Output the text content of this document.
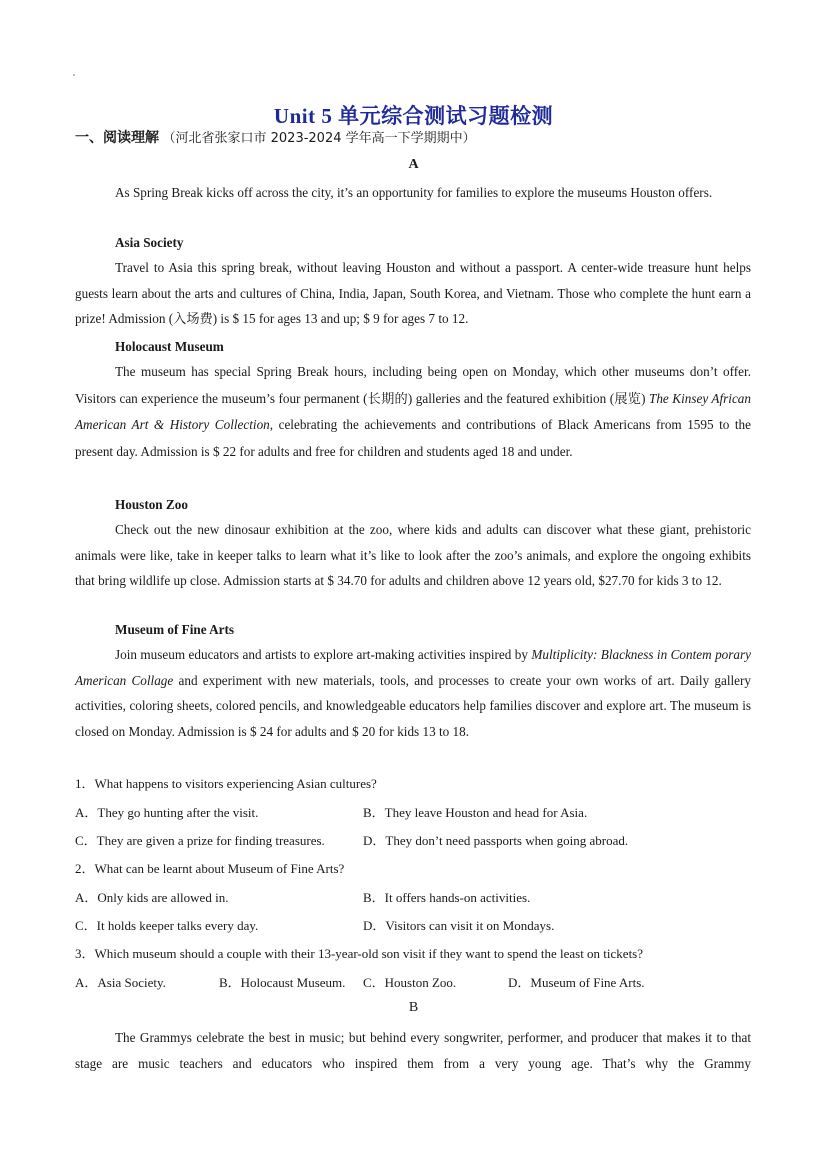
Unit 5 单元综合测试习题检测
一、阅读理解 （河北省张家口市 2023-2024 学年高一下学期期中）
A

As Spring Break kicks off across the city, it’s an opportunity for families to explore the museums Houston offers.

Asia Society

Travel to Asia this spring break, without leaving Houston and without a passport. A center-wide treasure hunt helps guests learn about the arts and cultures of China, India, Japan, South Korea, and Vietnam. Those who complete the hunt earn a prize! Admission (入场费) is $ 15 for ages 13 and up; $ 9 for ages 7 to 12.

Holocaust Museum

The museum has special Spring Break hours, including being open on Monday, which other museums don’t offer. Visitors can experience the museum’s four permanent (长期的) galleries and the featured exhibition (展览) The Kinsey African American Art & History Collection, celebrating the achievements and contributions of Black Americans from 1595 to the present day. Admission is $ 22 for adults and free for children and students aged 18 and under.

Houston Zoo

Check out the new dinosaur exhibition at the zoo, where kids and adults can discover what these giant, prehistoric animals were like, take in keeper talks to learn what it’s like to look after the zoo’s animals, and explore the ongoing exhibits that bring wildlife up close. Admission starts at $ 34.70 for adults and children above 12 years old, $27.70 for kids 3 to 12.

Museum of Fine Arts

Join museum educators and artists to explore art-making activities inspired by Multiplicity: Blackness in Contem porary American Collage and experiment with new materials, tools, and processes to create your own works of art. Daily gallery activities, coloring sheets, colored pencils, and knowledgeable educators help families discover and explore art. The museum is closed on Monday. Admission is $ 24 for adults and $ 20 for kids 13 to 18.

1．What happens to visitors experiencing Asian cultures?
A．They go hunting after the visit.	B．They leave Houston and head for Asia.
C．They are given a prize for finding treasures.	D．They don’t need passports when going abroad.
2．What can be learnt about Museum of Fine Arts?
A．Only kids are allowed in.	B．It offers hands-on activities.
C．It holds keeper talks every day.	D．Visitors can visit it on Mondays.
3．Which museum should a couple with their 13-year-old son visit if they want to spend the least on tickets?
A．Asia Society.	B．Holocaust Museum. C．Houston Zoo.	D．Museum of Fine Arts.
B

The Grammys celebrate the best in music; but behind every songwriter, performer, and producer that makes it to that stage are music teachers and educators who inspired them from a very young age. That’s why the Grammy
